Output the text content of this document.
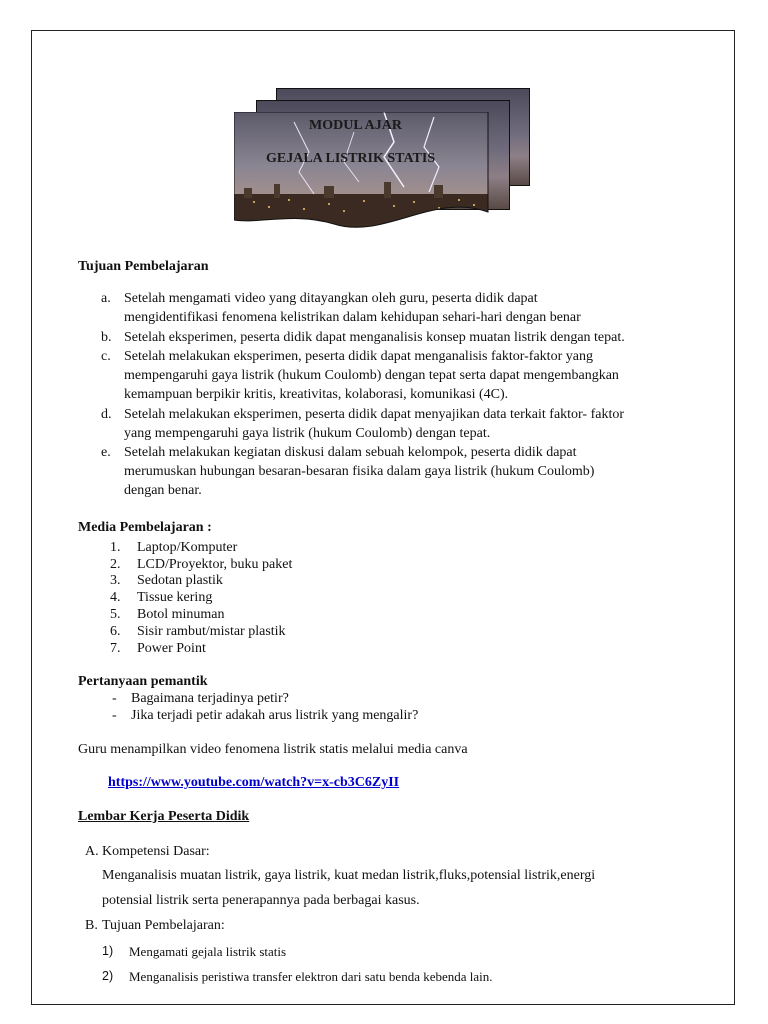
MODUL AJAR
GEJALA LISTRIK STATIS
Tujuan Pembelajaran
a. Setelah mengamati video yang ditayangkan oleh guru, peserta didik dapat
mengidentifikasi fenomena kelistrikan dalam kehidupan sehari-hari dengan benar
b. Setelah eksperimen, peserta didik dapat menganalisis konsep muatan listrik dengan tepat.
c. Setelah melakukan eksperimen, peserta didik dapat menganalisis faktor-faktor yang
mempengaruhi gaya listrik (hukum Coulomb) dengan tepat serta dapat mengembangkan
kemampuan berpikir kritis, kreativitas, kolaborasi, komunikasi (4C).
d. Setelah melakukan eksperimen, peserta didik dapat menyajikan data terkait faktor- faktor
yang mempengaruhi gaya listrik (hukum Coulomb) dengan tepat.
e. Setelah melakukan kegiatan diskusi dalam sebuah kelompok, peserta didik dapat
merumuskan hubungan besaran-besaran fisika dalam gaya listrik (hukum Coulomb)
dengan benar.
Media Pembelajaran :
1. Laptop/Komputer
2. LCD/Proyektor, buku paket
3. Sedotan plastik
4. Tissue kering
5. Botol minuman
6. Sisir rambut/mistar plastik
7. Power Point
Pertanyaan pemantik
- Bagaimana terjadinya petir?
- Jika terjadi petir adakah arus listrik yang mengalir?
Guru menampilkan video fenomena listrik statis melalui media canva
https://www.youtube.com/watch?v=x-cb3C6ZyII
Lembar Kerja Peserta Didik
A. Kompetensi Dasar:
Menganalisis muatan listrik, gaya listrik, kuat medan listrik,fluks,potensial listrik,energi
potensial listrik serta penerapannya pada berbagai kasus.
B. Tujuan Pembelajaran:
1) Mengamati gejala listrik statis
2) Menganalisis peristiwa transfer elektron dari satu benda kebenda lain.
